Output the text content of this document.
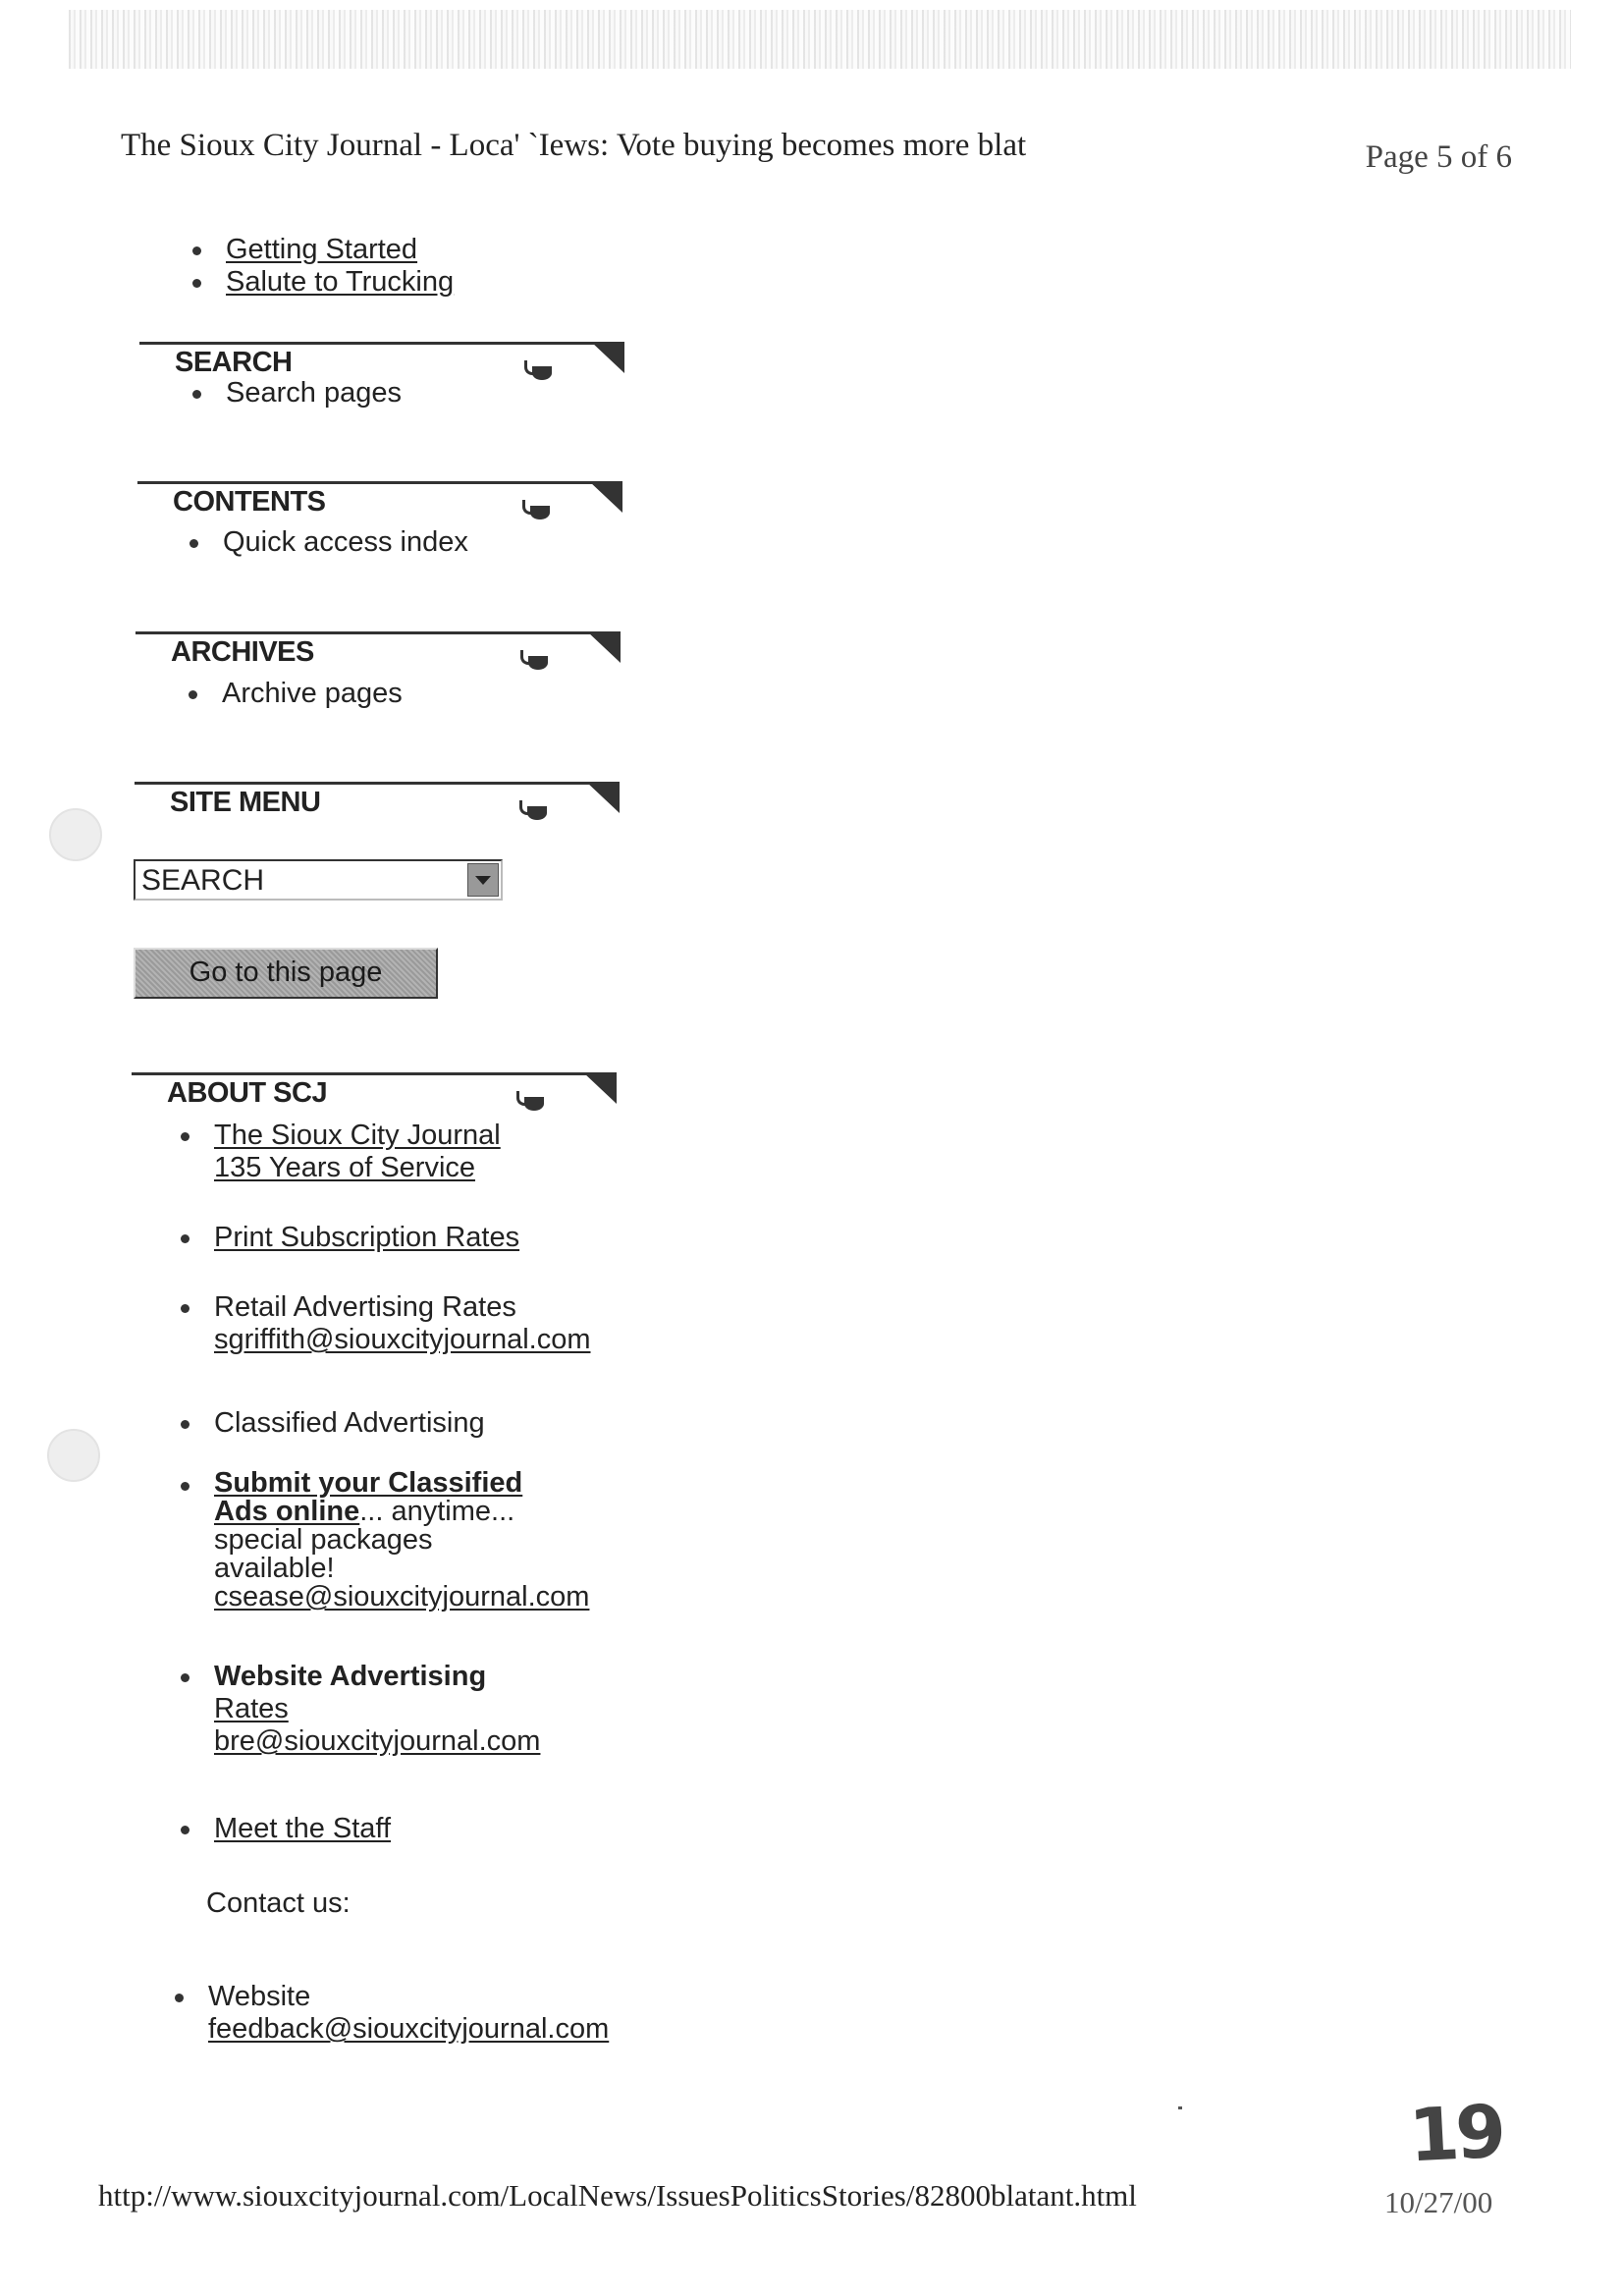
The Sioux City Journal - Loca' `Iews: Vote buying becomes more blat	Page 5 of 6
Getting Started
Salute to Trucking
SEARCH
Search pages
CONTENTS
Quick access index
ARCHIVES
Archive pages
SITE MENU
SEARCH
Go to this page
ABOUT SCJ
The Sioux City Journal
135 Years of Service
Print Subscription Rates
Retail Advertising Rates
sgriffith@siouxcityjournal.com
Classified Advertising
Submit your Classified
Ads online... anytime...
special packages
available!
csease@siouxcityjournal.com
Website Advertising
Rates
bre@siouxcityjournal.com
Meet the Staff
Contact us:
Website
feedback@siouxcityjournal.com
19
http://www.siouxcityjournal.com/LocalNews/IssuesPoliticsStories/82800blatant.html	10/27/00
